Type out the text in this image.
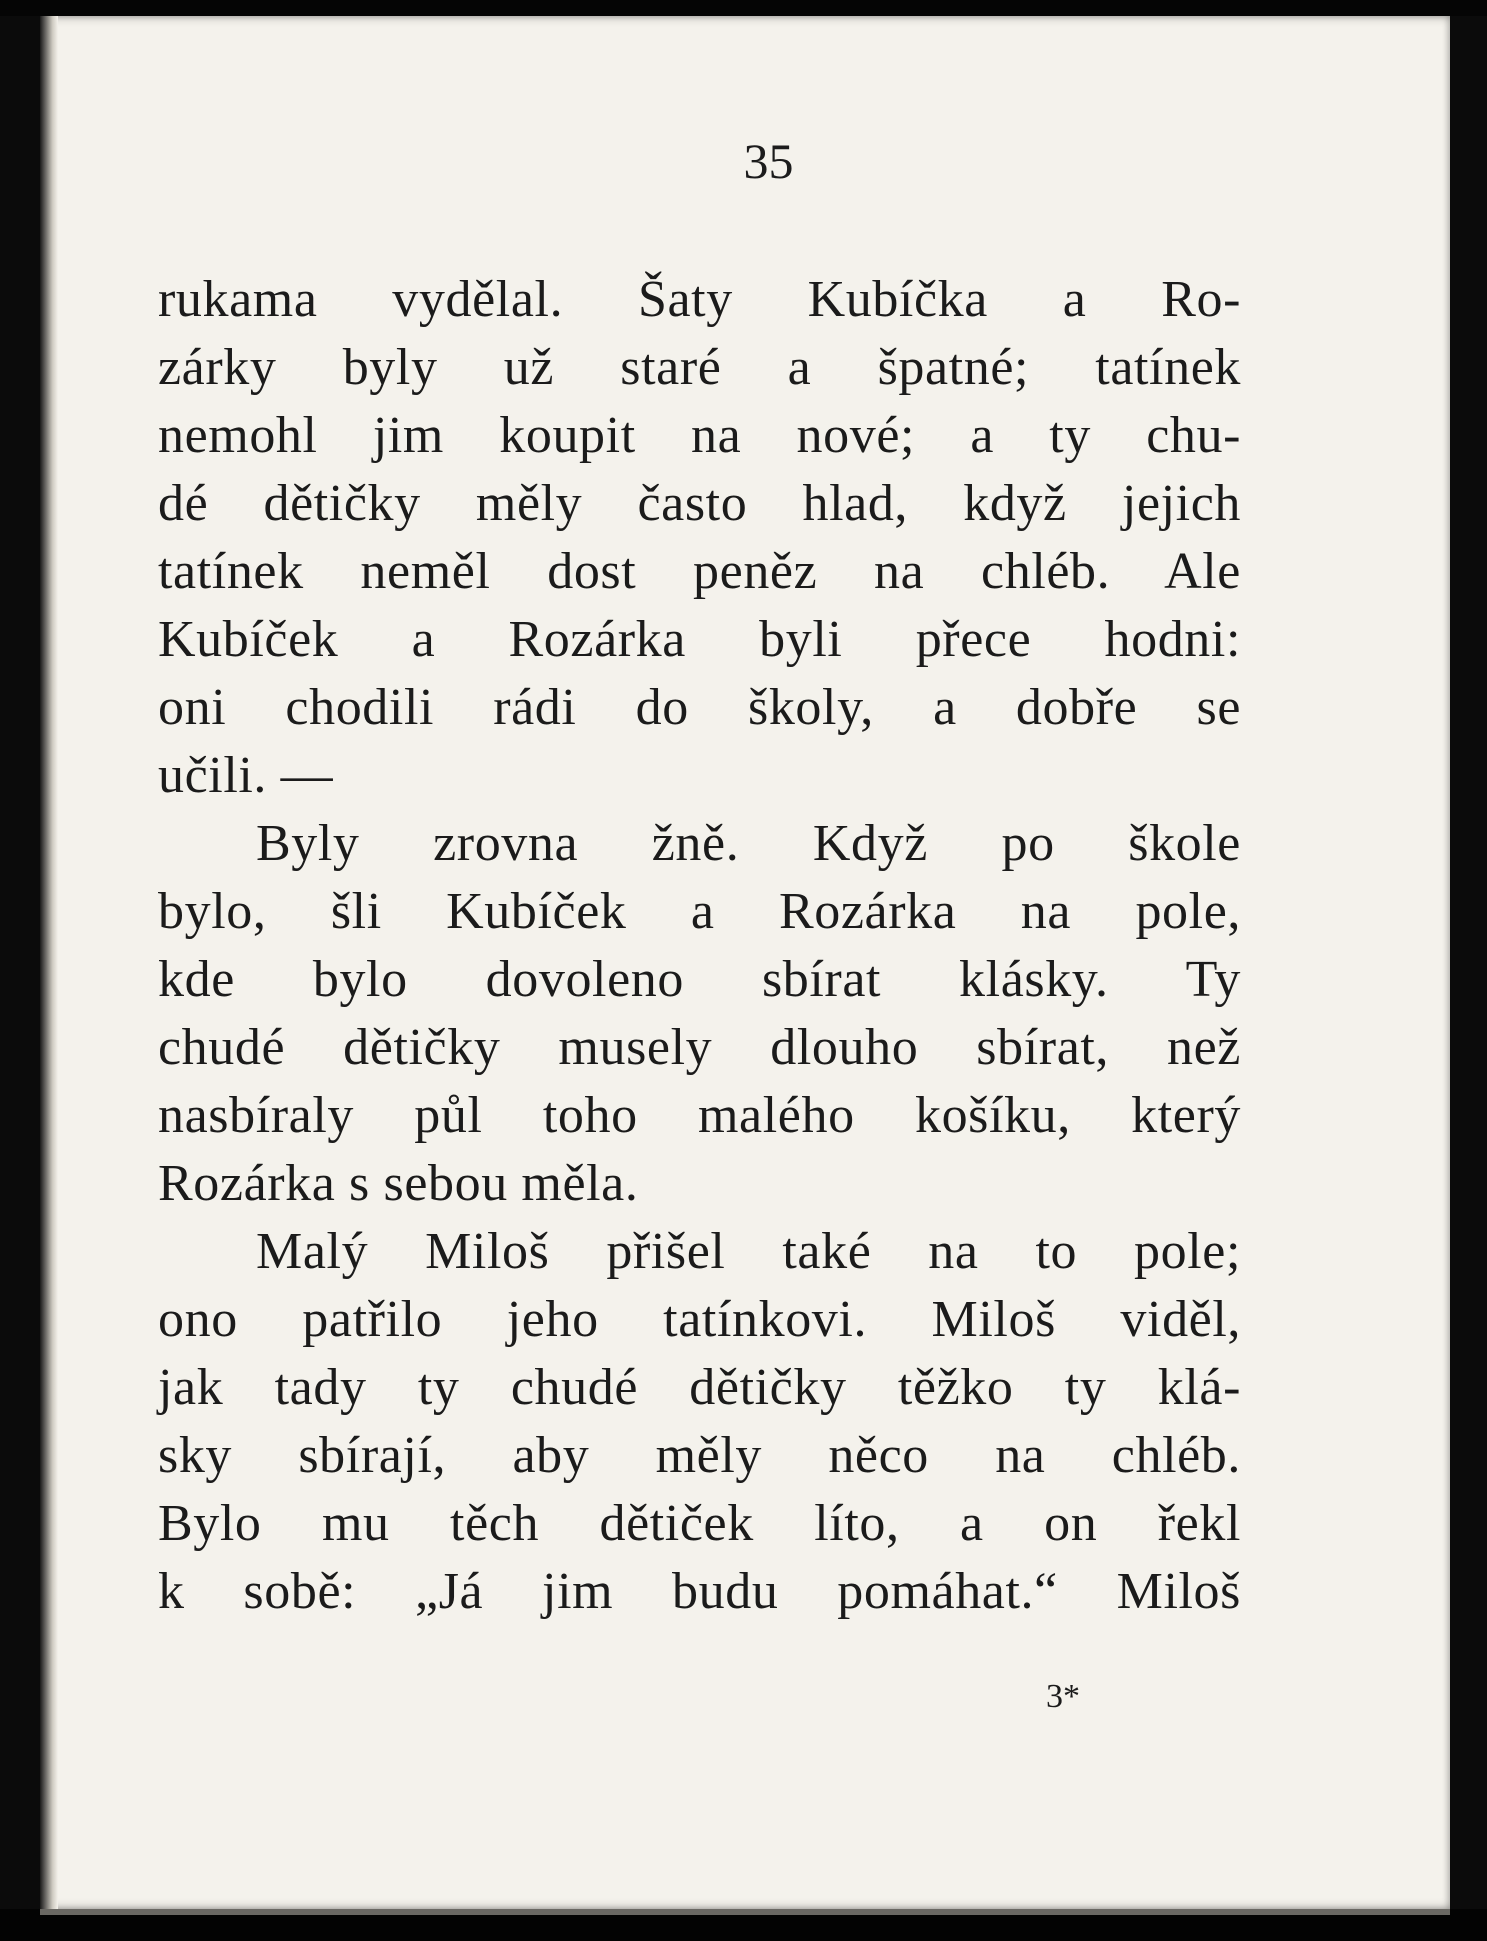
35
rukama vydělal. Šaty Kubíčka a Ro-
zárky byly už staré a špatné; tatínek
nemohl jim koupit na nové; a ty chu-
dé dětičky měly často hlad, když jejich
tatínek neměl dost peněz na chléb. Ale
Kubíček a Rozárka byli přece hodni:
oni chodili rádi do školy, a dobře se
učili. —
Byly zrovna žně. Když po škole
bylo, šli Kubíček a Rozárka na pole,
kde bylo dovoleno sbírat klásky. Ty
chudé dětičky musely dlouho sbírat, než
nasbíraly půl toho malého košíku, který
Rozárka s sebou měla.
Malý Miloš přišel také na to pole;
ono patřilo jeho tatínkovi. Miloš viděl,
jak tady ty chudé dětičky těžko ty klá-
sky sbírají, aby měly něco na chléb.
Bylo mu těch dětiček líto, a on řekl
k sobě: „Já jim budu pomáhat.“ Miloš
3*
